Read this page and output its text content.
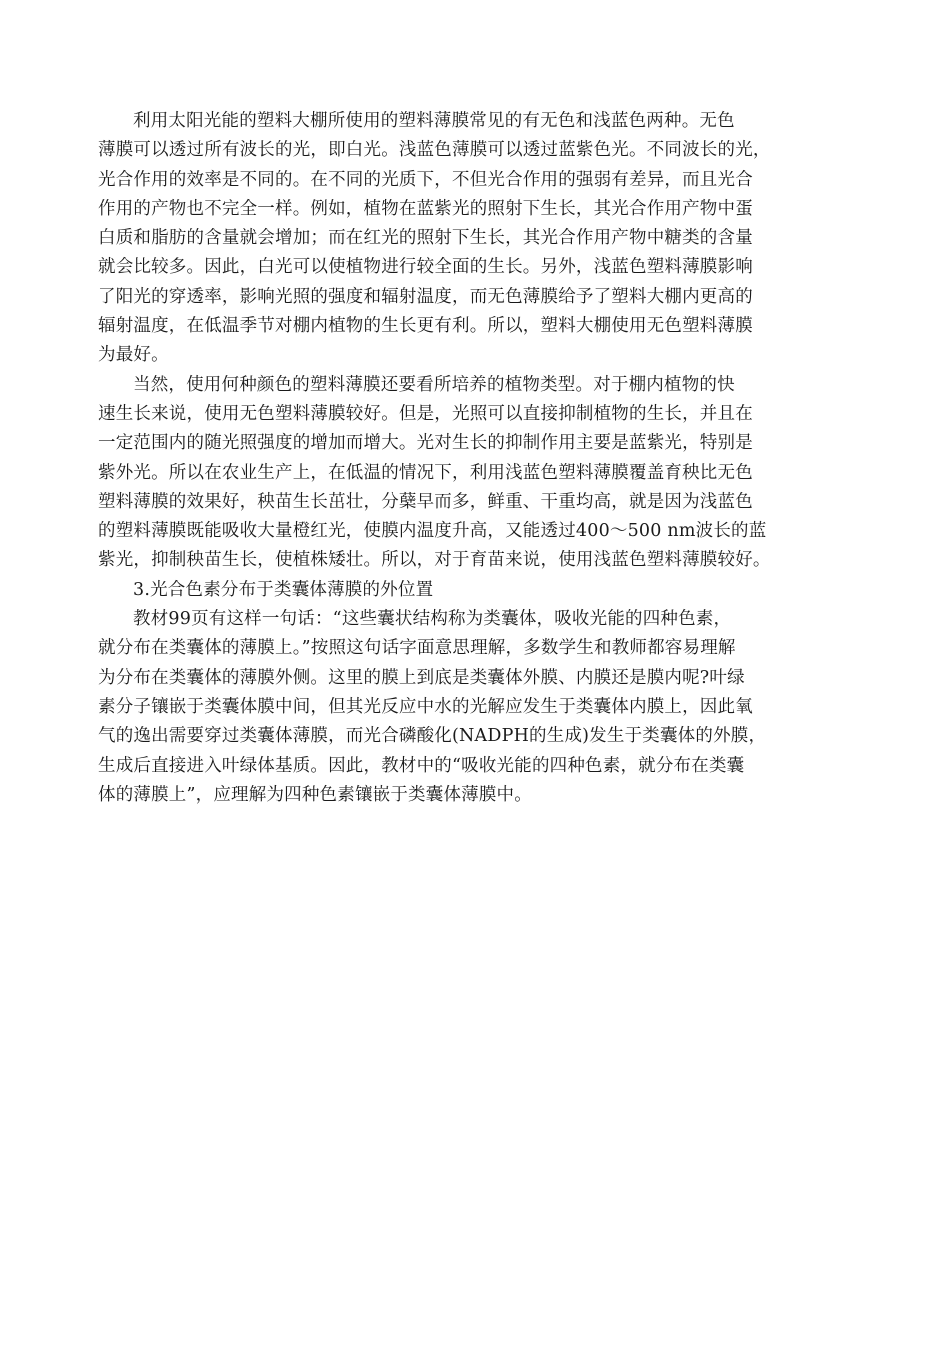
利用太阳光能的塑料大棚所使用的塑料薄膜常见的有无色和浅蓝色两种。无色
薄膜可以透过所有波长的光，即白光。浅蓝色薄膜可以透过蓝紫色光。不同波长的光，
光合作用的效率是不同的。在不同的光质下，不但光合作用的强弱有差异，而且光合
作用的产物也不完全一样。例如，植物在蓝紫光的照射下生长，其光合作用产物中蛋
白质和脂肪的含量就会增加；而在红光的照射下生长，其光合作用产物中糖类的含量
就会比较多。因此，白光可以使植物进行较全面的生长。另外，浅蓝色塑料薄膜影响
了阳光的穿透率，影响光照的强度和辐射温度，而无色薄膜给予了塑料大棚内更高的
辐射温度，在低温季节对棚内植物的生长更有利。所以，塑料大棚使用无色塑料薄膜
为最好。
当然，使用何种颜色的塑料薄膜还要看所培养的植物类型。对于棚内植物的快
速生长来说，使用无色塑料薄膜较好。但是，光照可以直接抑制植物的生长，并且在
一定范围内的随光照强度的增加而增大。光对生长的抑制作用主要是蓝紫光，特别是
紫外光。所以在农业生产上，在低温的情况下，利用浅蓝色塑料薄膜覆盖育秧比无色
塑料薄膜的效果好，秧苗生长茁壮，分蘖早而多，鲜重、干重均高，就是因为浅蓝色
的塑料薄膜既能吸收大量橙红光，使膜内温度升高，又能透过400～500 nm波长的蓝
紫光，抑制秧苗生长，使植株矮壮。所以，对于育苗来说，使用浅蓝色塑料薄膜较好。
3.光合色素分布于类囊体薄膜的外位置
教材99页有这样一句话：“这些囊状结构称为类囊体，吸收光能的四种色素，
就分布在类囊体的薄膜上。”按照这句话字面意思理解，多数学生和教师都容易理解
为分布在类囊体的薄膜外侧。这里的膜上到底是类囊体外膜、内膜还是膜内呢?叶绿
素分子镶嵌于类囊体膜中间，但其光反应中水的光解应发生于类囊体内膜上，因此氧
气的逸出需要穿过类囊体薄膜，而光合磷酸化(NADPH的生成)发生于类囊体的外膜，
生成后直接进入叶绿体基质。因此，教材中的“吸收光能的四种色素，就分布在类囊
体的薄膜上”，应理解为四种色素镶嵌于类囊体薄膜中。
